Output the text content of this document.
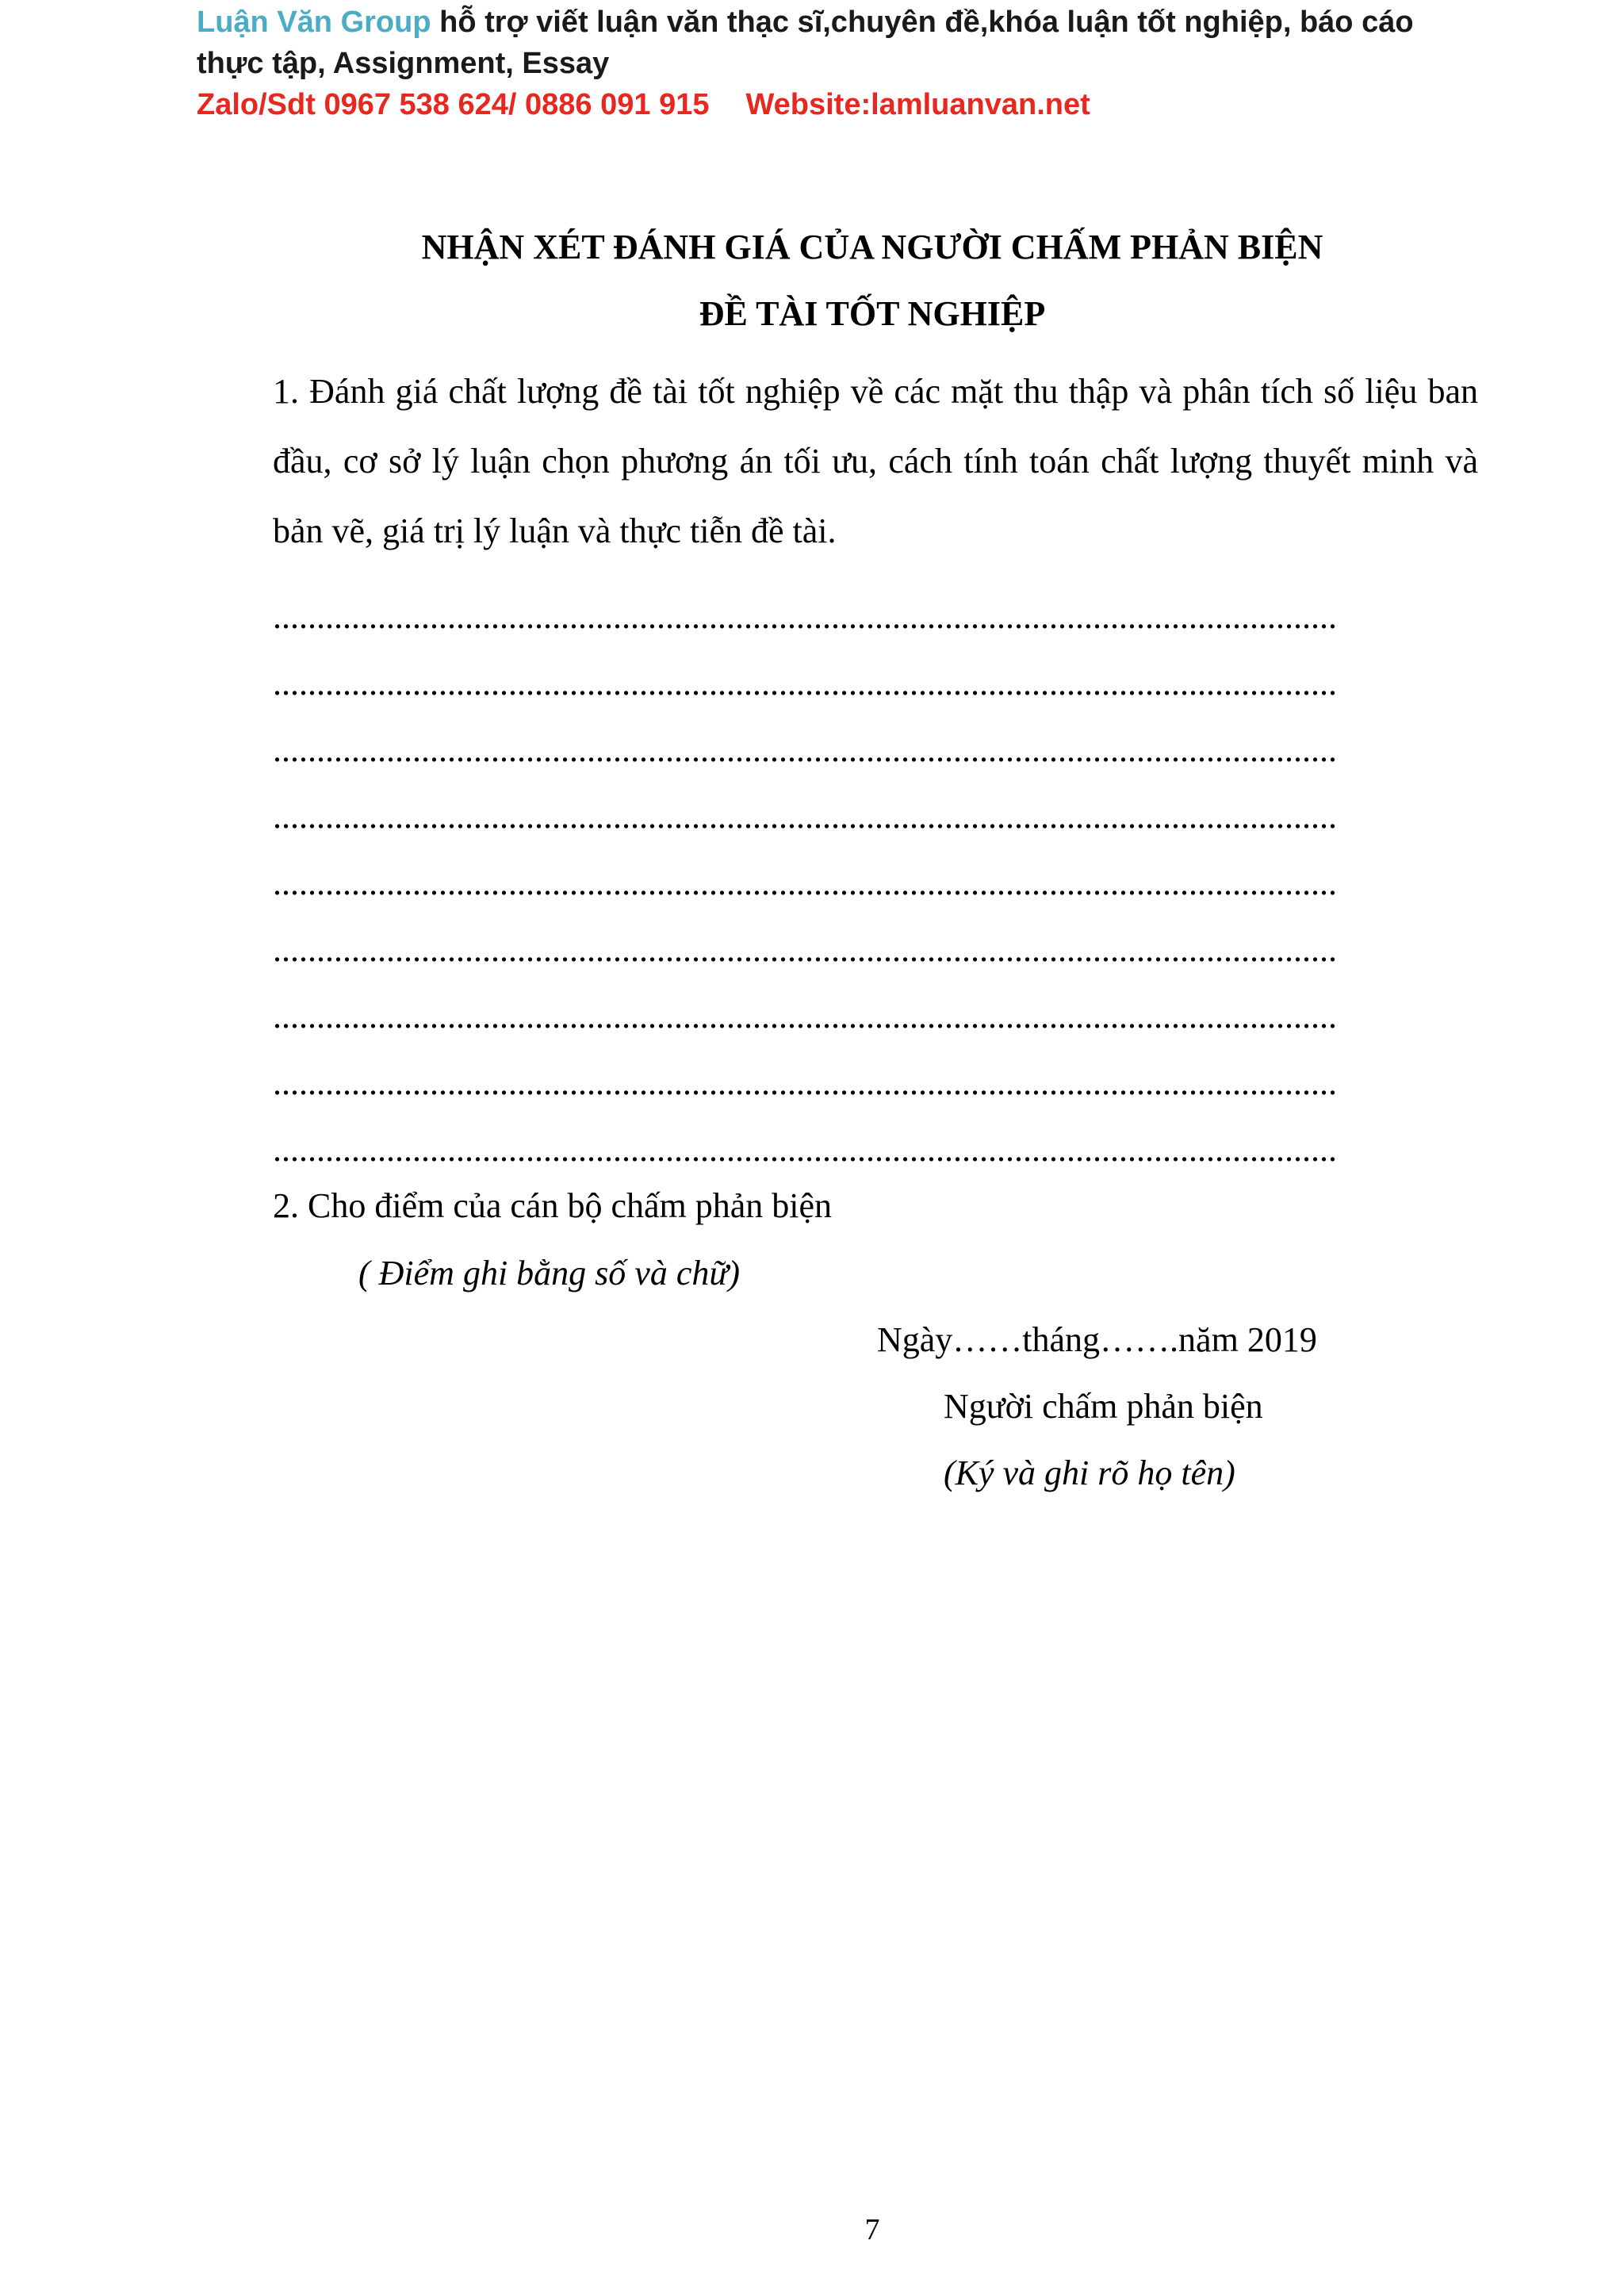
Luận Văn Group hỗ trợ viết luận văn thạc sĩ,chuyên đề,khóa luận tốt nghiệp, báo cáo thực tập, Assignment, Essay
Zalo/Sdt 0967 538 624/ 0886 091 915 Website:lamluanvan.net
NHẬN XÉT ĐÁNH GIÁ CỦA NGƯỜI CHẤM PHẢN BIỆN
ĐỀ TÀI TỐT NGHIỆP
1. Đánh giá chất lượng đề tài tốt nghiệp về các mặt thu thập và phân tích số liệu ban đầu, cơ sở lý luận chọn phương án tối ưu, cách tính toán chất lượng thuyết minh và bản vẽ, giá trị lý luận và thực tiễn đề tài.
..........................................................................................................................
..........................................................................................................................
..........................................................................................................................
..........................................................................................................................
..........................................................................................................................
..........................................................................................................................
..........................................................................................................................
..........................................................................................................................
..........................................................................................................................
2. Cho điểm của cán bộ chấm phản biện
( Điểm ghi bằng số và chữ)
Ngày……tháng…….năm 2019
Người chấm phản biện
(Ký và ghi rõ họ tên)
7
